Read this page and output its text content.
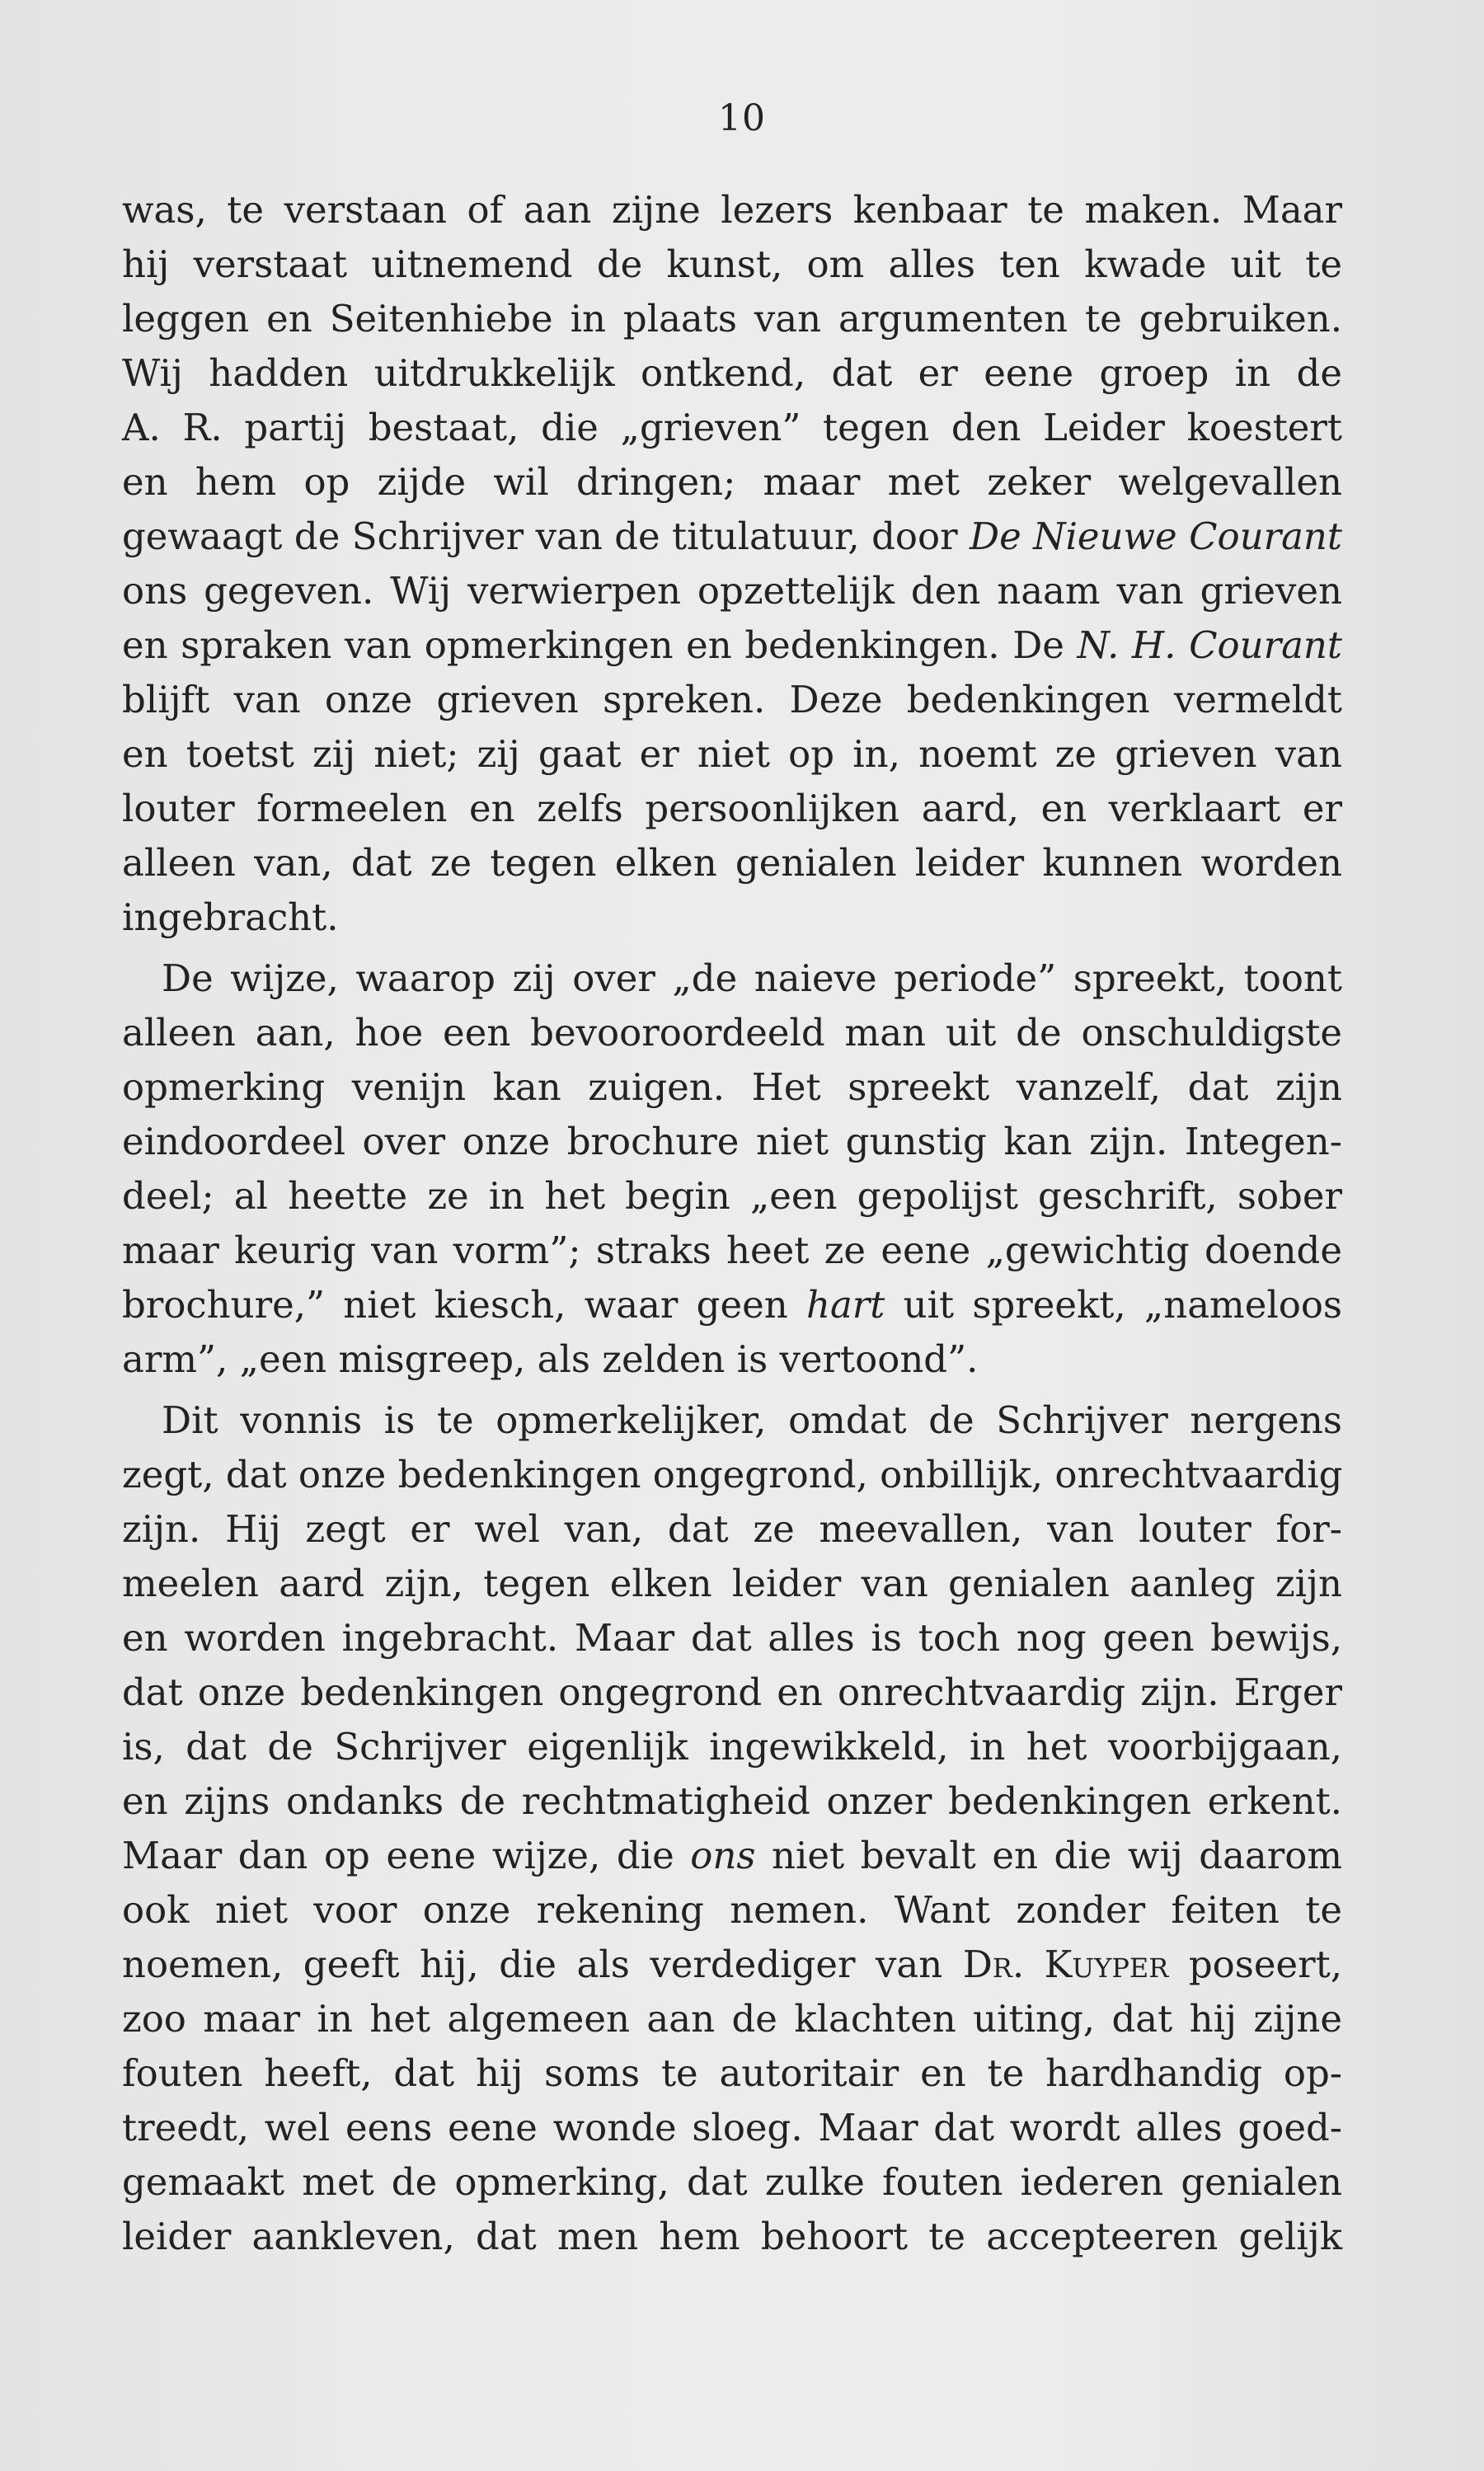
10
was, te verstaan of aan zijne lezers kenbaar te maken. Maar
hij verstaat uitnemend de kunst, om alles ten kwade uit te
leggen en Seitenhiebe in plaats van argumenten te gebruiken.
Wij hadden uitdrukkelijk ontkend, dat er eene groep in de
A. R. partij bestaat, die „grieven” tegen den Leider koestert
en hem op zijde wil dringen; maar met zeker welgevallen
gewaagt de Schrijver van de titulatuur, door De Nieuwe Courant
ons gegeven. Wij verwierpen opzettelijk den naam van grieven
en spraken van opmerkingen en bedenkingen. De N. H. Courant
blijft van onze grieven spreken. Deze bedenkingen vermeldt
en toetst zij niet; zij gaat er niet op in, noemt ze grieven van
louter formeelen en zelfs persoonlijken aard, en verklaart er
alleen van, dat ze tegen elken genialen leider kunnen worden
ingebracht.
De wijze, waarop zij over „de naieve periode” spreekt, toont
alleen aan, hoe een bevooroordeeld man uit de onschuldigste
opmerking venijn kan zuigen. Het spreekt vanzelf, dat zijn
eindoordeel over onze brochure niet gunstig kan zijn. Integen-
deel; al heette ze in het begin „een gepolijst geschrift, sober
maar keurig van vorm”; straks heet ze eene „gewichtig doende
brochure,” niet kiesch, waar geen hart uit spreekt, „nameloos
arm”, „een misgreep, als zelden is vertoond”.
Dit vonnis is te opmerkelijker, omdat de Schrijver nergens
zegt, dat onze bedenkingen ongegrond, onbillijk, onrechtvaardig
zijn. Hij zegt er wel van, dat ze meevallen, van louter for-
meelen aard zijn, tegen elken leider van genialen aanleg zijn
en worden ingebracht. Maar dat alles is toch nog geen bewijs,
dat onze bedenkingen ongegrond en onrechtvaardig zijn. Erger
is, dat de Schrijver eigenlijk ingewikkeld, in het voorbijgaan,
en zijns ondanks de rechtmatigheid onzer bedenkingen erkent.
Maar dan op eene wijze, die ons niet bevalt en die wij daarom
ook niet voor onze rekening nemen. Want zonder feiten te
noemen, geeft hij, die als verdediger van Dr. Kuyper poseert,
zoo maar in het algemeen aan de klachten uiting, dat hij zijne
fouten heeft, dat hij soms te autoritair en te hardhandig op-
treedt, wel eens eene wonde sloeg. Maar dat wordt alles goed-
gemaakt met de opmerking, dat zulke fouten iederen genialen
leider aankleven, dat men hem behoort te accepteeren gelijk
